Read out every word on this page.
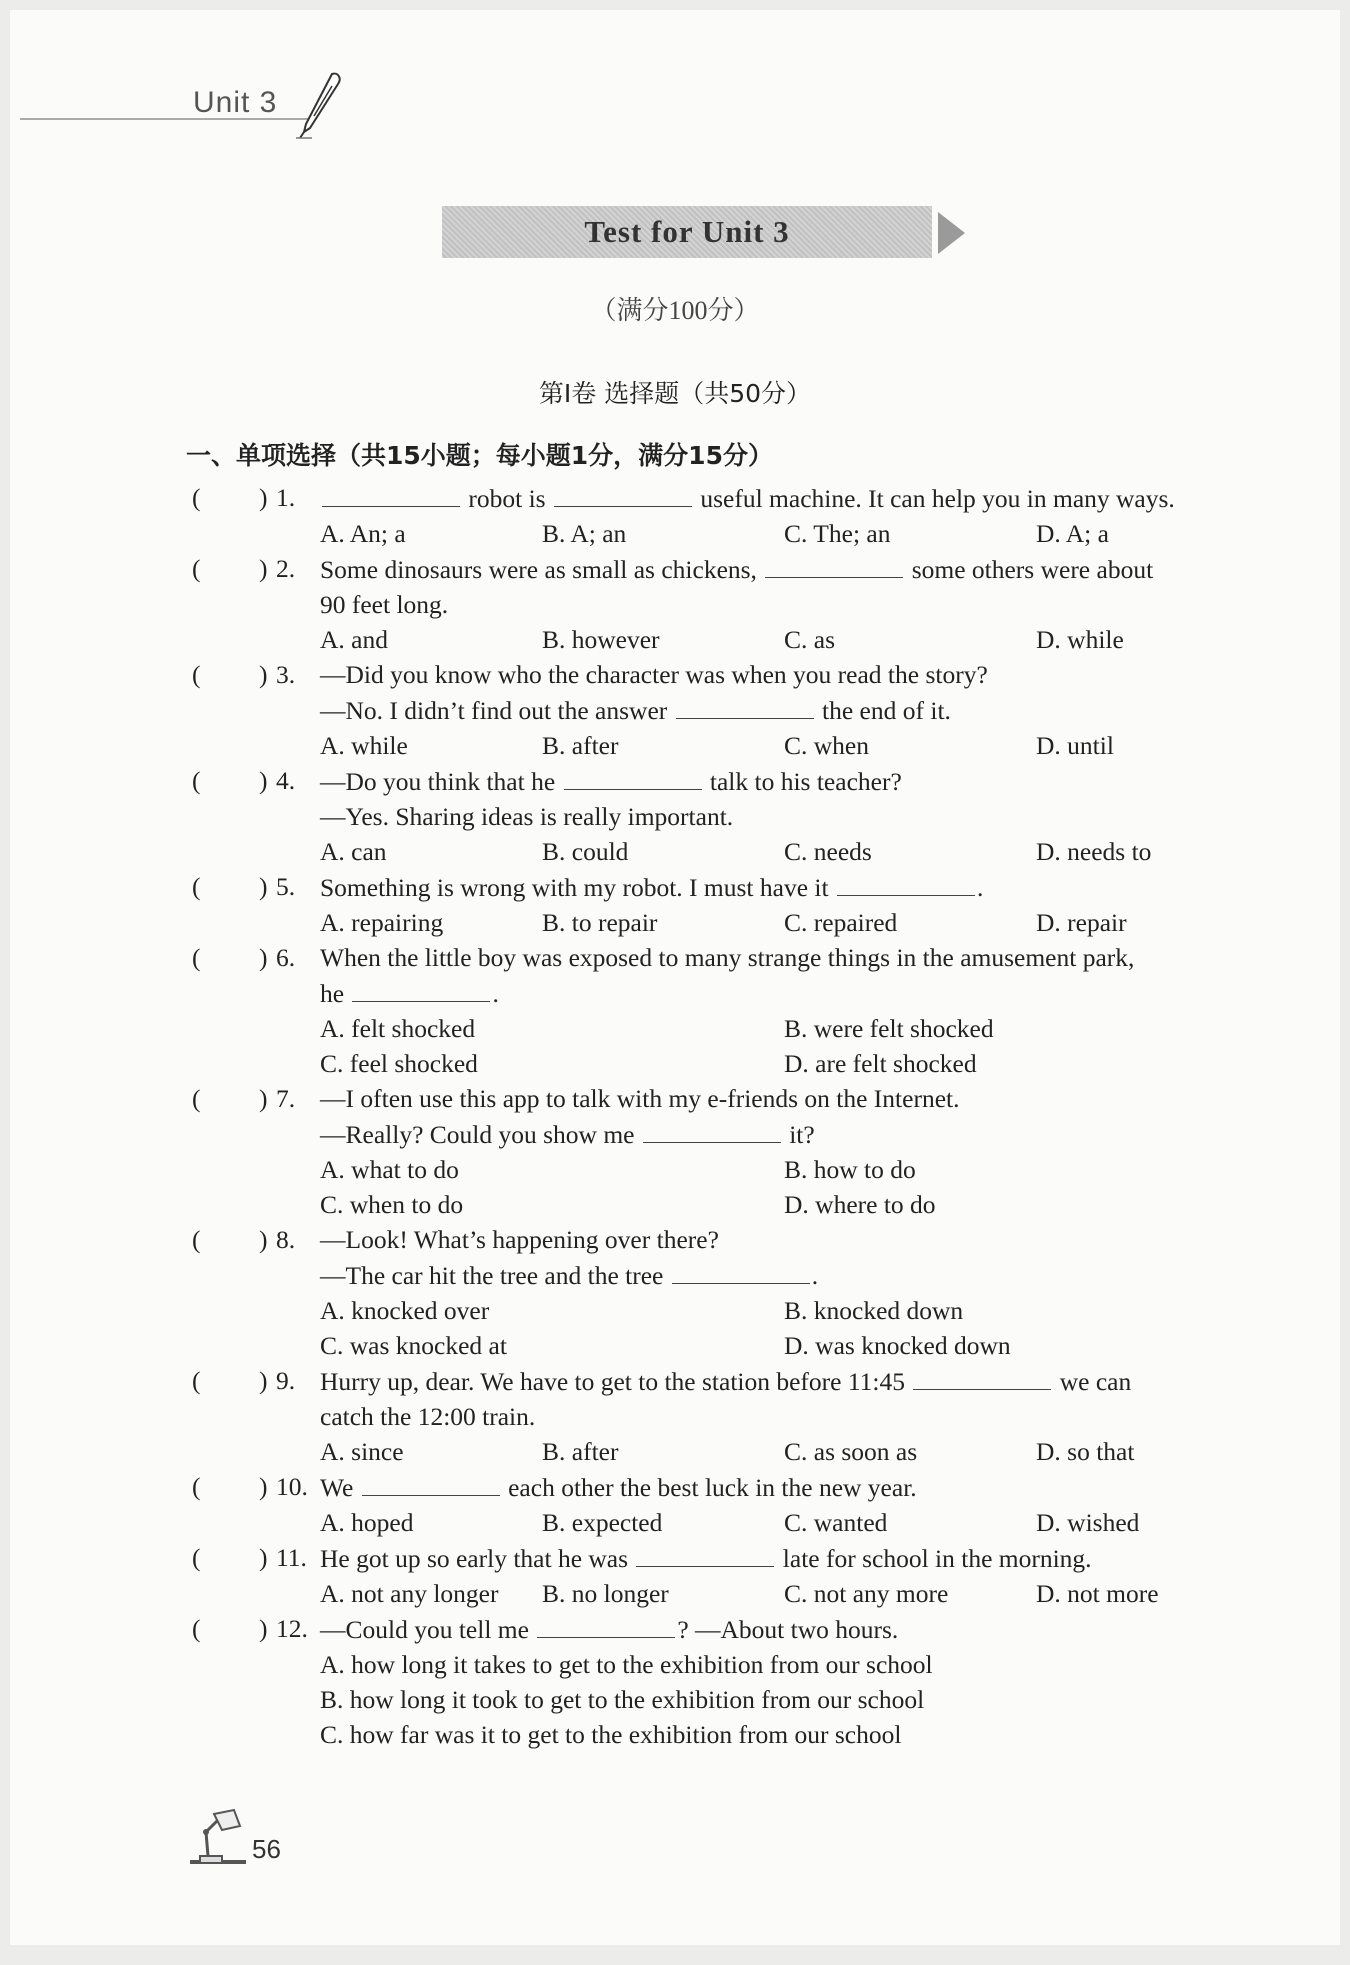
Unit 3
Test for Unit 3
（满分100分）
第Ⅰ卷 选择题（共50分）
一、单项选择（共15小题；每小题1分，满分15分）
( ) 1.	robot is	useful machine. It can help you in many ways.
A. An; a	B. A; an	C. The; an	D. A; a
( ) 2. Some dinosaurs were as small as chickens,	some others were about
90 feet long.
A. and	B. however	C. as	D. while
( ) 3. —Did you know who the character was when you read the story?
—No. I didn’t find out the answer	the end of it.
A. while	B. after	C. when	D. until
( ) 4. —Do you think that he	talk to his teacher?
—Yes. Sharing ideas is really important.
A. can	B. could	C. needs	D. needs to
( ) 5. Something is wrong with my robot. I must have it	.
A. repairing	B. to repair	C. repaired	D. repair
( ) 6. When the little boy was exposed to many strange things in the amusement park,
he	.
A. felt shocked	B. were felt shocked
C. feel shocked	D. are felt shocked
( ) 7. —I often use this app to talk with my e-friends on the Internet.
—Really? Could you show me	it?
A. what to do	B. how to do
C. when to do	D. where to do
( ) 8. —Look! What’s happening over there?
—The car hit the tree and the tree	.
A. knocked over	B. knocked down
C. was knocked at	D. was knocked down
( ) 9. Hurry up, dear. We have to get to the station before 11:45	we can
catch the 12:00 train.
A. since	B. after	C. as soon as	D. so that
( ) 10. We	each other the best luck in the new year.
A. hoped	B. expected	C. wanted	D. wished
( ) 11. He got up so early that he was	late for school in the morning.
A. not any longer	B. no longer	C. not any more	D. not more
( ) 12. —Could you tell me	? —About two hours.
A. how long it takes to get to the exhibition from our school
B. how long it took to get to the exhibition from our school
C. how far was it to get to the exhibition from our school
56
